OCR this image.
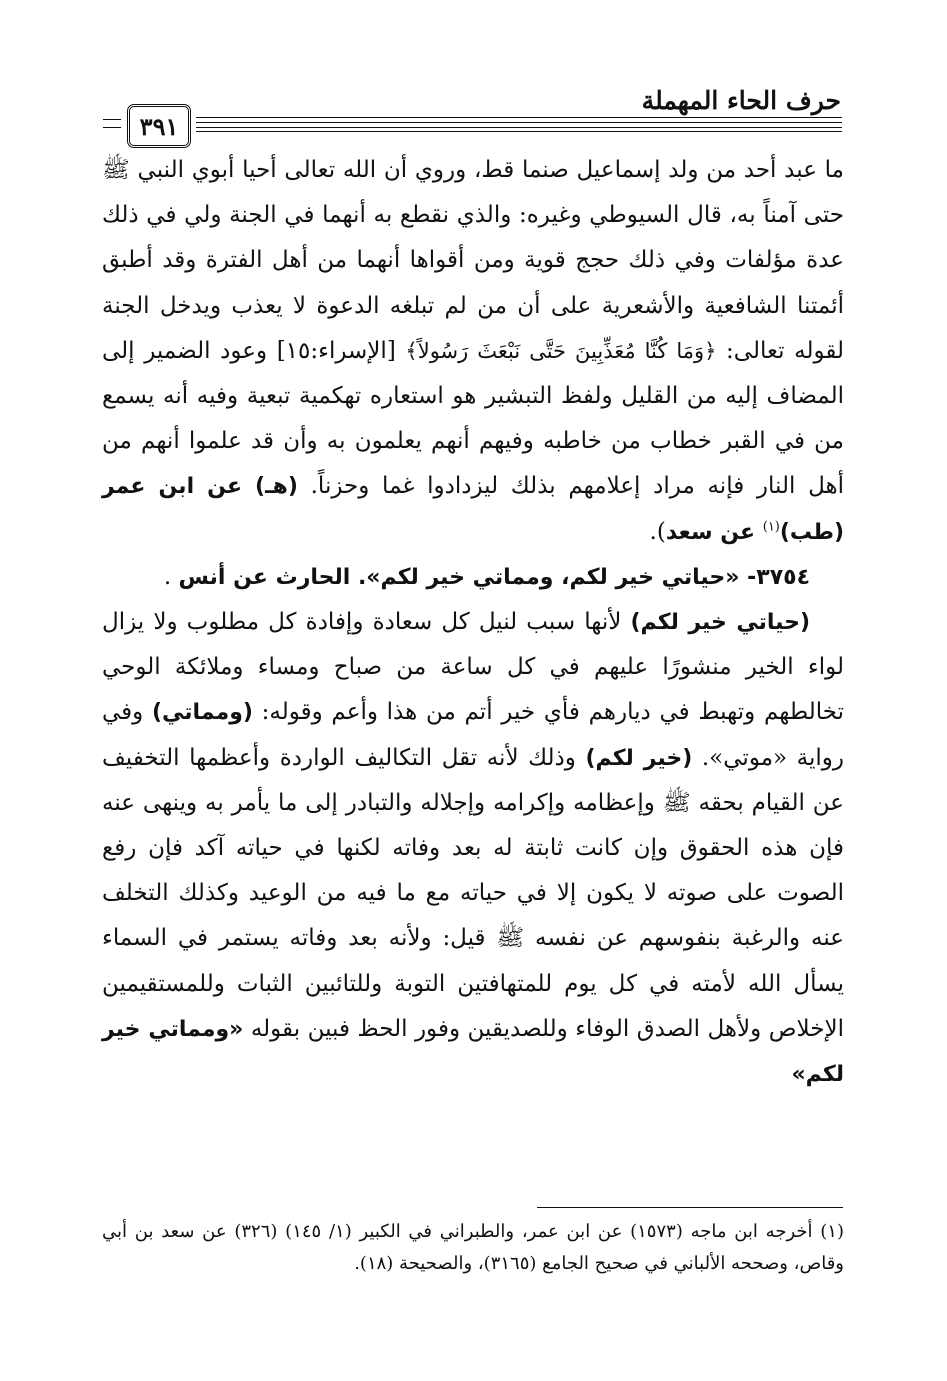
حرف الحاء المهملة
٣٩١

ما عبد أحد من ولد إسماعيل صنما قط، وروي أن الله تعالى أحيا أبوي النبي ﷺ حتى آمناً به، قال السيوطي وغيره: والذي نقطع به أنهما في الجنة ولي في ذلك عدة مؤلفات وفي ذلك حجج قوية ومن أقواها أنهما من أهل الفترة وقد أطبق أئمتنا الشافعية والأشعرية على أن من لم تبلغه الدعوة لا يعذب ويدخل الجنة لقوله تعالى: ﴿وَمَا كُنَّا مُعَذِّبِينَ حَتَّى نَبْعَثَ رَسُولاً﴾ [الإسراء:١٥] وعود الضمير إلى المضاف إليه من القليل ولفظ التبشير هو استعاره تهكمية تبعية وفيه أنه يسمع من في القبر خطاب من خاطبه وفيهم أنهم يعلمون به وأن قد علموا أنهم من أهل النار فإنه مراد إعلامهم بذلك ليزدادوا غما وحزناً. (هـ) عن ابن عمر (طب)$^{(١)}$ عن سعد).

٣٧٥٤- «حياتي خير لكم، ومماتي خير لكم». الحارث عن أنس .

(حياتي خير لكم) لأنها سبب لنيل كل سعادة وإفادة كل مطلوب ولا يزال لواء الخير منشورًا عليهم في كل ساعة من صباح ومساء وملائكة الوحي تخالطهم وتهبط في ديارهم فأي خير أتم من هذا وأعم وقوله: (ومماتي) وفي رواية «موتي». (خير لكم) وذلك لأنه تقل التكاليف الواردة وأعظمها التخفيف عن القيام بحقه ﷺ وإعظامه وإكرامه وإجلاله والتبادر إلى ما يأمر به وينهى عنه فإن هذه الحقوق وإن كانت ثابتة له بعد وفاته لكنها في حياته آكد فإن رفع الصوت على صوته لا يكون إلا في حياته مع ما فيه من الوعيد وكذلك التخلف عنه والرغبة بنفوسهم عن نفسه ﷺ قيل: ولأنه بعد وفاته يستمر في السماء يسأل الله لأمته في كل يوم للمتهافتين التوبة وللتائبين الثبات وللمستقيمين الإخلاص ولأهل الصدق الوفاء وللصديقين وفور الحظ فبين بقوله «ومماتي خير لكم»

(١) أخرجه ابن ماجه (١٥٧٣) عن ابن عمر، والطبراني في الكبير (١/ ١٤٥) (٣٢٦) عن سعد بن أبي وقاص، وصححه الألباني في صحيح الجامع (٣١٦٥)، والصحيحة (١٨).
